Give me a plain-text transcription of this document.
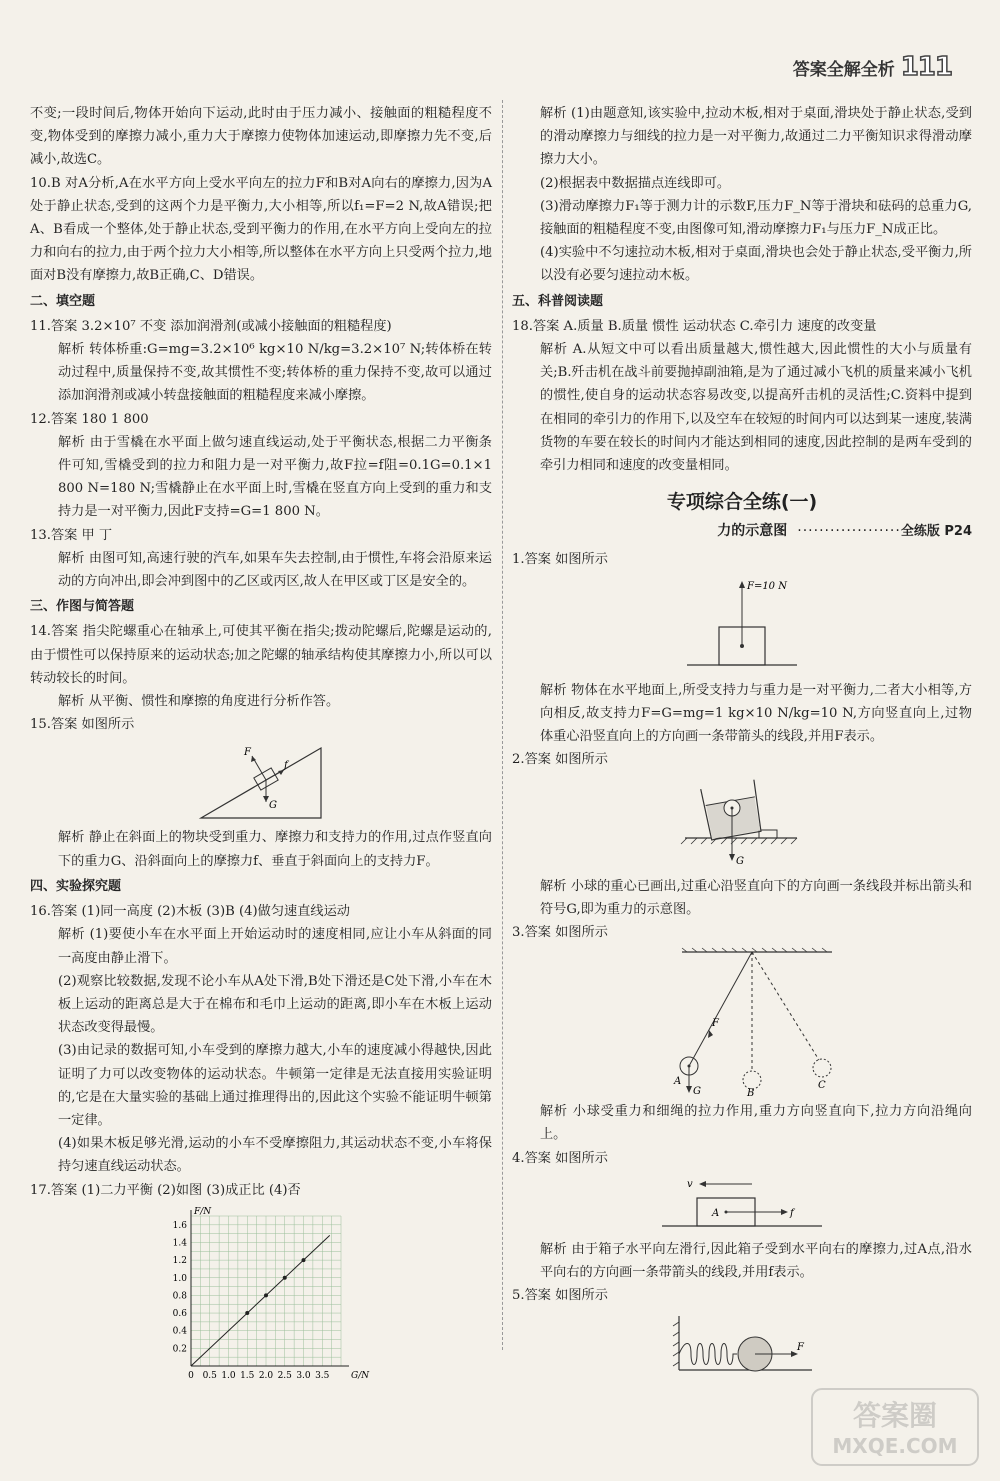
答案全解全析 111

不变;一段时间后,物体开始向下运动,此时由于压力减小、接触面的粗糙程度不变,物体受到的摩擦力减小,重力大于摩擦力使物体加速运动,即摩擦力先不变,后减小,故选C。

10.B 对A分析,A在水平方向上受水平向左的拉力F和B对A向右的摩擦力,因为A处于静止状态,受到的这两个力是平衡力,大小相等,所以f₁=F=2 N,故A错误;把A、B看成一个整体,处于静止状态,受到平衡力的作用,在水平方向上受向左的拉力和向右的拉力,由于两个拉力大小相等,所以整体在水平方向上只受两个拉力,地面对B没有摩擦力,故B正确,C、D错误。

二、填空题

11.答案 3.2×10⁷ 不变 添加润滑剂(或减小接触面的粗糙程度)

解析 转体桥重:G=mg=3.2×10⁶ kg×10 N/kg=3.2×10⁷ N;转体桥在转动过程中,质量保持不变,故其惯性不变;转体桥的重力保持不变,故可以通过添加润滑剂或减小转盘接触面的粗糙程度来减小摩擦。

12.答案 180 1 800

解析 由于雪橇在水平面上做匀速直线运动,处于平衡状态,根据二力平衡条件可知,雪橇受到的拉力和阻力是一对平衡力,故F拉=f阻=0.1G=0.1×1 800 N=180 N;雪橇静止在水平面上时,雪橇在竖直方向上受到的重力和支持力是一对平衡力,因此F支持=G=1 800 N。

13.答案 甲 丁

解析 由图可知,高速行驶的汽车,如果车失去控制,由于惯性,车将会沿原来运动的方向冲出,即会冲到图中的乙区或丙区,故人在甲区或丁区是安全的。

三、作图与简答题

14.答案 指尖陀螺重心在轴承上,可使其平衡在指尖;拨动陀螺后,陀螺是运动的,由于惯性可以保持原来的运动状态;加之陀螺的轴承结构使其摩擦力小,所以可以转动较长的时间。

解析 从平衡、惯性和摩擦的角度进行分析作答。

15.答案 如图所示

F
f
G

解析 静止在斜面上的物块受到重力、摩擦力和支持力的作用,过点作竖直向下的重力G、沿斜面向上的摩擦力f、垂直于斜面向上的支持力F。

四、实验探究题

16.答案 (1)同一高度 (2)木板 (3)B (4)做匀速直线运动

解析 (1)要使小车在水平面上开始运动时的速度相同,应让小车从斜面的同一高度由静止滑下。

(2)观察比较数据,发现不论小车从A处下滑,B处下滑还是C处下滑,小车在木板上运动的距离总是大于在棉布和毛巾上运动的距离,即小车在木板上运动状态改变得最慢。

(3)由记录的数据可知,小车受到的摩擦力越大,小车的速度减小得越快,因此证明了力可以改变物体的运动状态。牛顿第一定律是无法直接用实验证明的,它是在大量实验的基础上通过推理得出的,因此这个实验不能证明牛顿第一定律。

(4)如果木板足够光滑,运动的小车不受摩擦阻力,其运动状态不变,小车将保持匀速直线运动状态。

17.答案 (1)二力平衡 (2)如图 (3)成正比 (4)否

0 0.5 1.0 1.5 2.0 2.5 3.0 3.5
0.2
0.4
0.6
0.8
1.0
1.2
1.4
1.6
G/N
F/N

解析 (1)由题意知,该实验中,拉动木板,相对于桌面,滑块处于静止状态,受到的滑动摩擦力与细线的拉力是一对平衡力,故通过二力平衡知识求得滑动摩擦力大小。

(2)根据表中数据描点连线即可。

(3)滑动摩擦力F₁等于测力计的示数F,压力F_N等于滑块和砝码的总重力G,接触面的粗糙程度不变,由图像可知,滑动摩擦力F₁与压力F_N成正比。

(4)实验中不匀速拉动木板,相对于桌面,滑块也会处于静止状态,受平衡力,所以没有必要匀速拉动木板。

五、科普阅读题

18.答案 A.质量 B.质量 惯性 运动状态 C.牵引力 速度的改变量

解析 A.从短文中可以看出质量越大,惯性越大,因此惯性的大小与质量有关;B.歼击机在战斗前要抛掉副油箱,是为了通过减小飞机的质量来减小飞机的惯性,使自身的运动状态容易改变,以提高歼击机的灵活性;C.资料中提到在相同的牵引力的作用下,以及空车在较短的时间内可以达到某一速度,装满货物的车要在较长的时间内才能达到相同的速度,因此控制的是两车受到的牵引力相同和速度的改变量相同。

专项综合全练(一)
力的示意图 ··················· 全练版 P24

1.答案 如图所示

F=10 N

解析 物体在水平地面上,所受支持力与重力是一对平衡力,二者大小相等,方向相反,故支持力F=G=mg=1 kg×10 N/kg=10 N,方向竖直向上,过物体重心沿竖直向上的方向画一条带箭头的线段,并用F表示。

2.答案 如图所示

G

解析 小球的重心已画出,过重心沿竖直向下的方向画一条线段并标出箭头和符号G,即为重力的示意图。

3.答案 如图所示

F
A
G	B
C

解析 小球受重力和细绳的拉力作用,重力方向竖直向下,拉力方向沿绳向上。

4.答案 如图所示

v
A	f

解析 由于箱子水平向左滑行,因此箱子受到水平向右的摩擦力,过A点,沿水平向右的方向画一条带箭头的线段,并用f表示。

5.答案 如图所示

F
答案圈
MXQE.COM
